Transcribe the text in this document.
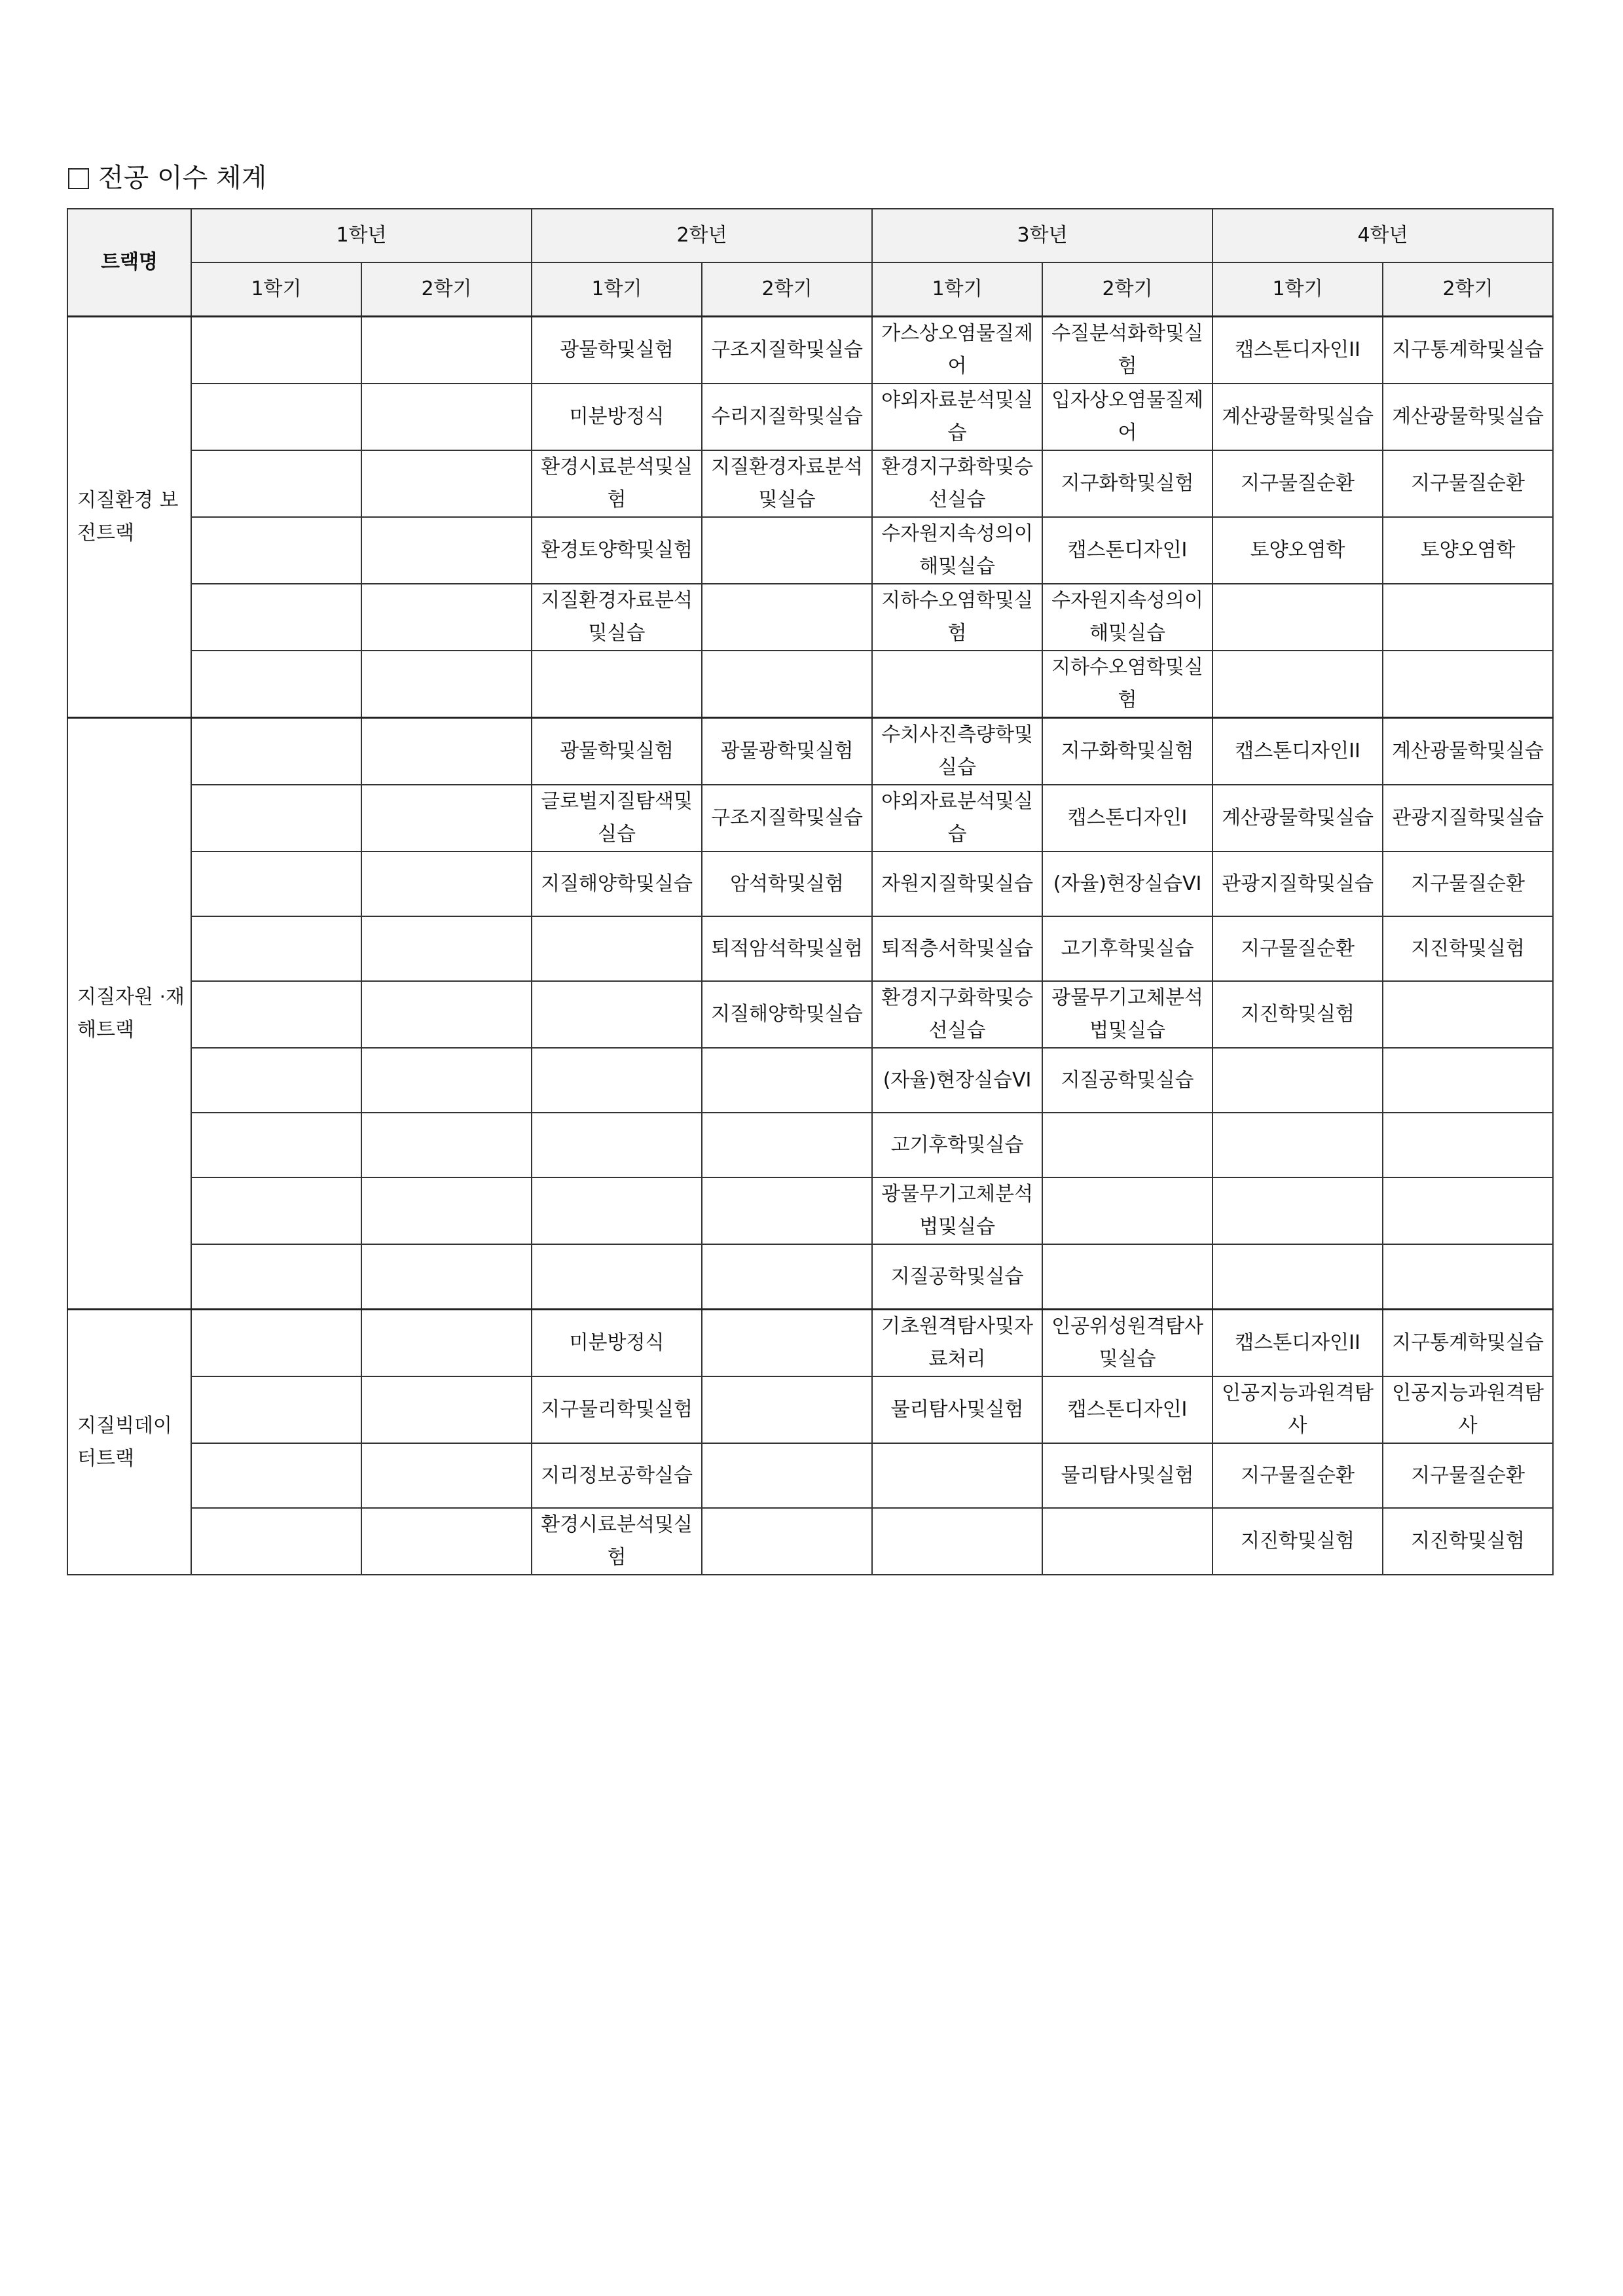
전공 이수 체계
트랙명	1학년		2학년		3학년		4학년	
	1학기	2학기	1학기	2학기	1학기	2학기	1학기	2학기
지질환경 보전트랙			광물학및실험	구조지질학및실습	가스상오염물질제어	수질분석화학및실험	캡스톤디자인II	지구통계학및실습
			미분방정식	수리지질학및실습	야외자료분석및실습	입자상오염물질제어	계산광물학및실습	계산광물학및실습
			환경시료분석및실험	지질환경자료분석및실습	환경지구화학및승선실습	지구화학및실험	지구물질순환	지구물질순환
			환경토양학및실험		수자원지속성의이해및실습	캡스톤디자인I	토양오염학	토양오염학
			지질환경자료분석및실습		지하수오염학및실험	수자원지속성의이해및실습		
						지하수오염학및실험		
지질자원 ·재해트랙			광물학및실험	광물광학및실험	수치사진측량학및실습	지구화학및실험	캡스톤디자인II	계산광물학및실습
			글로벌지질탐색및실습	구조지질학및실습	야외자료분석및실습	캡스톤디자인I	계산광물학및실습	관광지질학및실습
			지질해양학및실습	암석학및실험	자원지질학및실습	(자율)현장실습VI	관광지질학및실습	지구물질순환
				퇴적암석학및실험	퇴적층서학및실습	고기후학및실습	지구물질순환	지진학및실험
				지질해양학및실습	환경지구화학및승선실습	광물무기고체분석법및실습	지진학및실험	
					(자율)현장실습VI	지질공학및실습		
					고기후학및실습			
					광물무기고체분석법및실습			
					지질공학및실습			
지질빅데이터트랙			미분방정식		기초원격탐사및자료처리	인공위성원격탐사및실습	캡스톤디자인II	지구통계학및실습
			지구물리학및실험		물리탐사및실험	캡스톤디자인I	인공지능과원격탐사	인공지능과원격탐사
			지리정보공학실습			물리탐사및실험	지구물질순환	지구물질순환
			환경시료분석및실험				지진학및실험	지진학및실험
